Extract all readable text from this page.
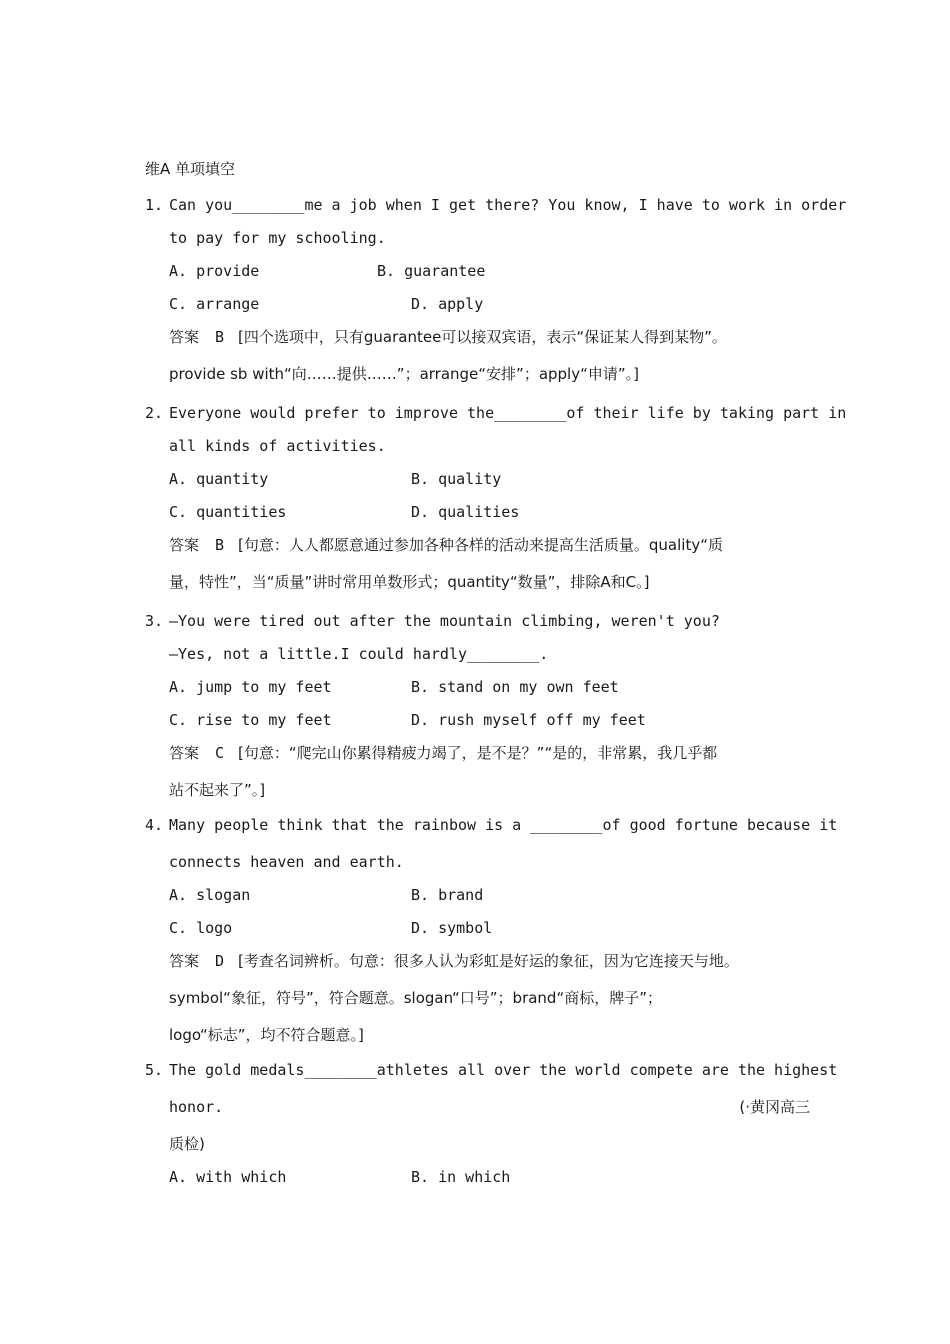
维A 单项填空
1. Can you________me a job when I get there? You know, I have to work in order
to pay for my schooling.
A. provide	B. guarantee
C. arrange	D. apply
答案 B [四个选项中，只有guarantee可以接双宾语，表示“保证某人得到某物”。
provide sb with“向……提供……”；arrange“安排”；apply“申请”。]
2. Everyone would prefer to improve the________of their life by taking part in
all kinds of activities.
A. quantity	B. quality
C. quantities	D. qualities
答案 B [句意：人人都愿意通过参加各种各样的活动来提高生活质量。quality“质
量，特性”，当“质量”讲时常用单数形式；quantity“数量”，排除A和C。]
3. —You were tired out after the mountain climbing, weren't you?
—Yes, not a little.I could hardly________.
A. jump to my feet	B. stand on my own feet
C. rise to my feet	D. rush myself off my feet
答案 C [句意：“爬完山你累得精疲力竭了，是不是？”“是的，非常累，我几乎都
站不起来了”。]
4. Many people think that the rainbow is a ________of good fortune because it
connects heaven and earth.
A. slogan	B. brand
C. logo	D. symbol
答案 D [考查名词辨析。句意：很多人认为彩虹是好运的象征，因为它连接天与地。
symbol“象征，符号”，符合题意。slogan“口号”；brand“商标，牌子”；
logo“标志”，均不符合题意。]
5. The gold medals________athletes all over the world compete are the highest
honor.	(·黄冈高三
质检)
A. with which	B. in which
